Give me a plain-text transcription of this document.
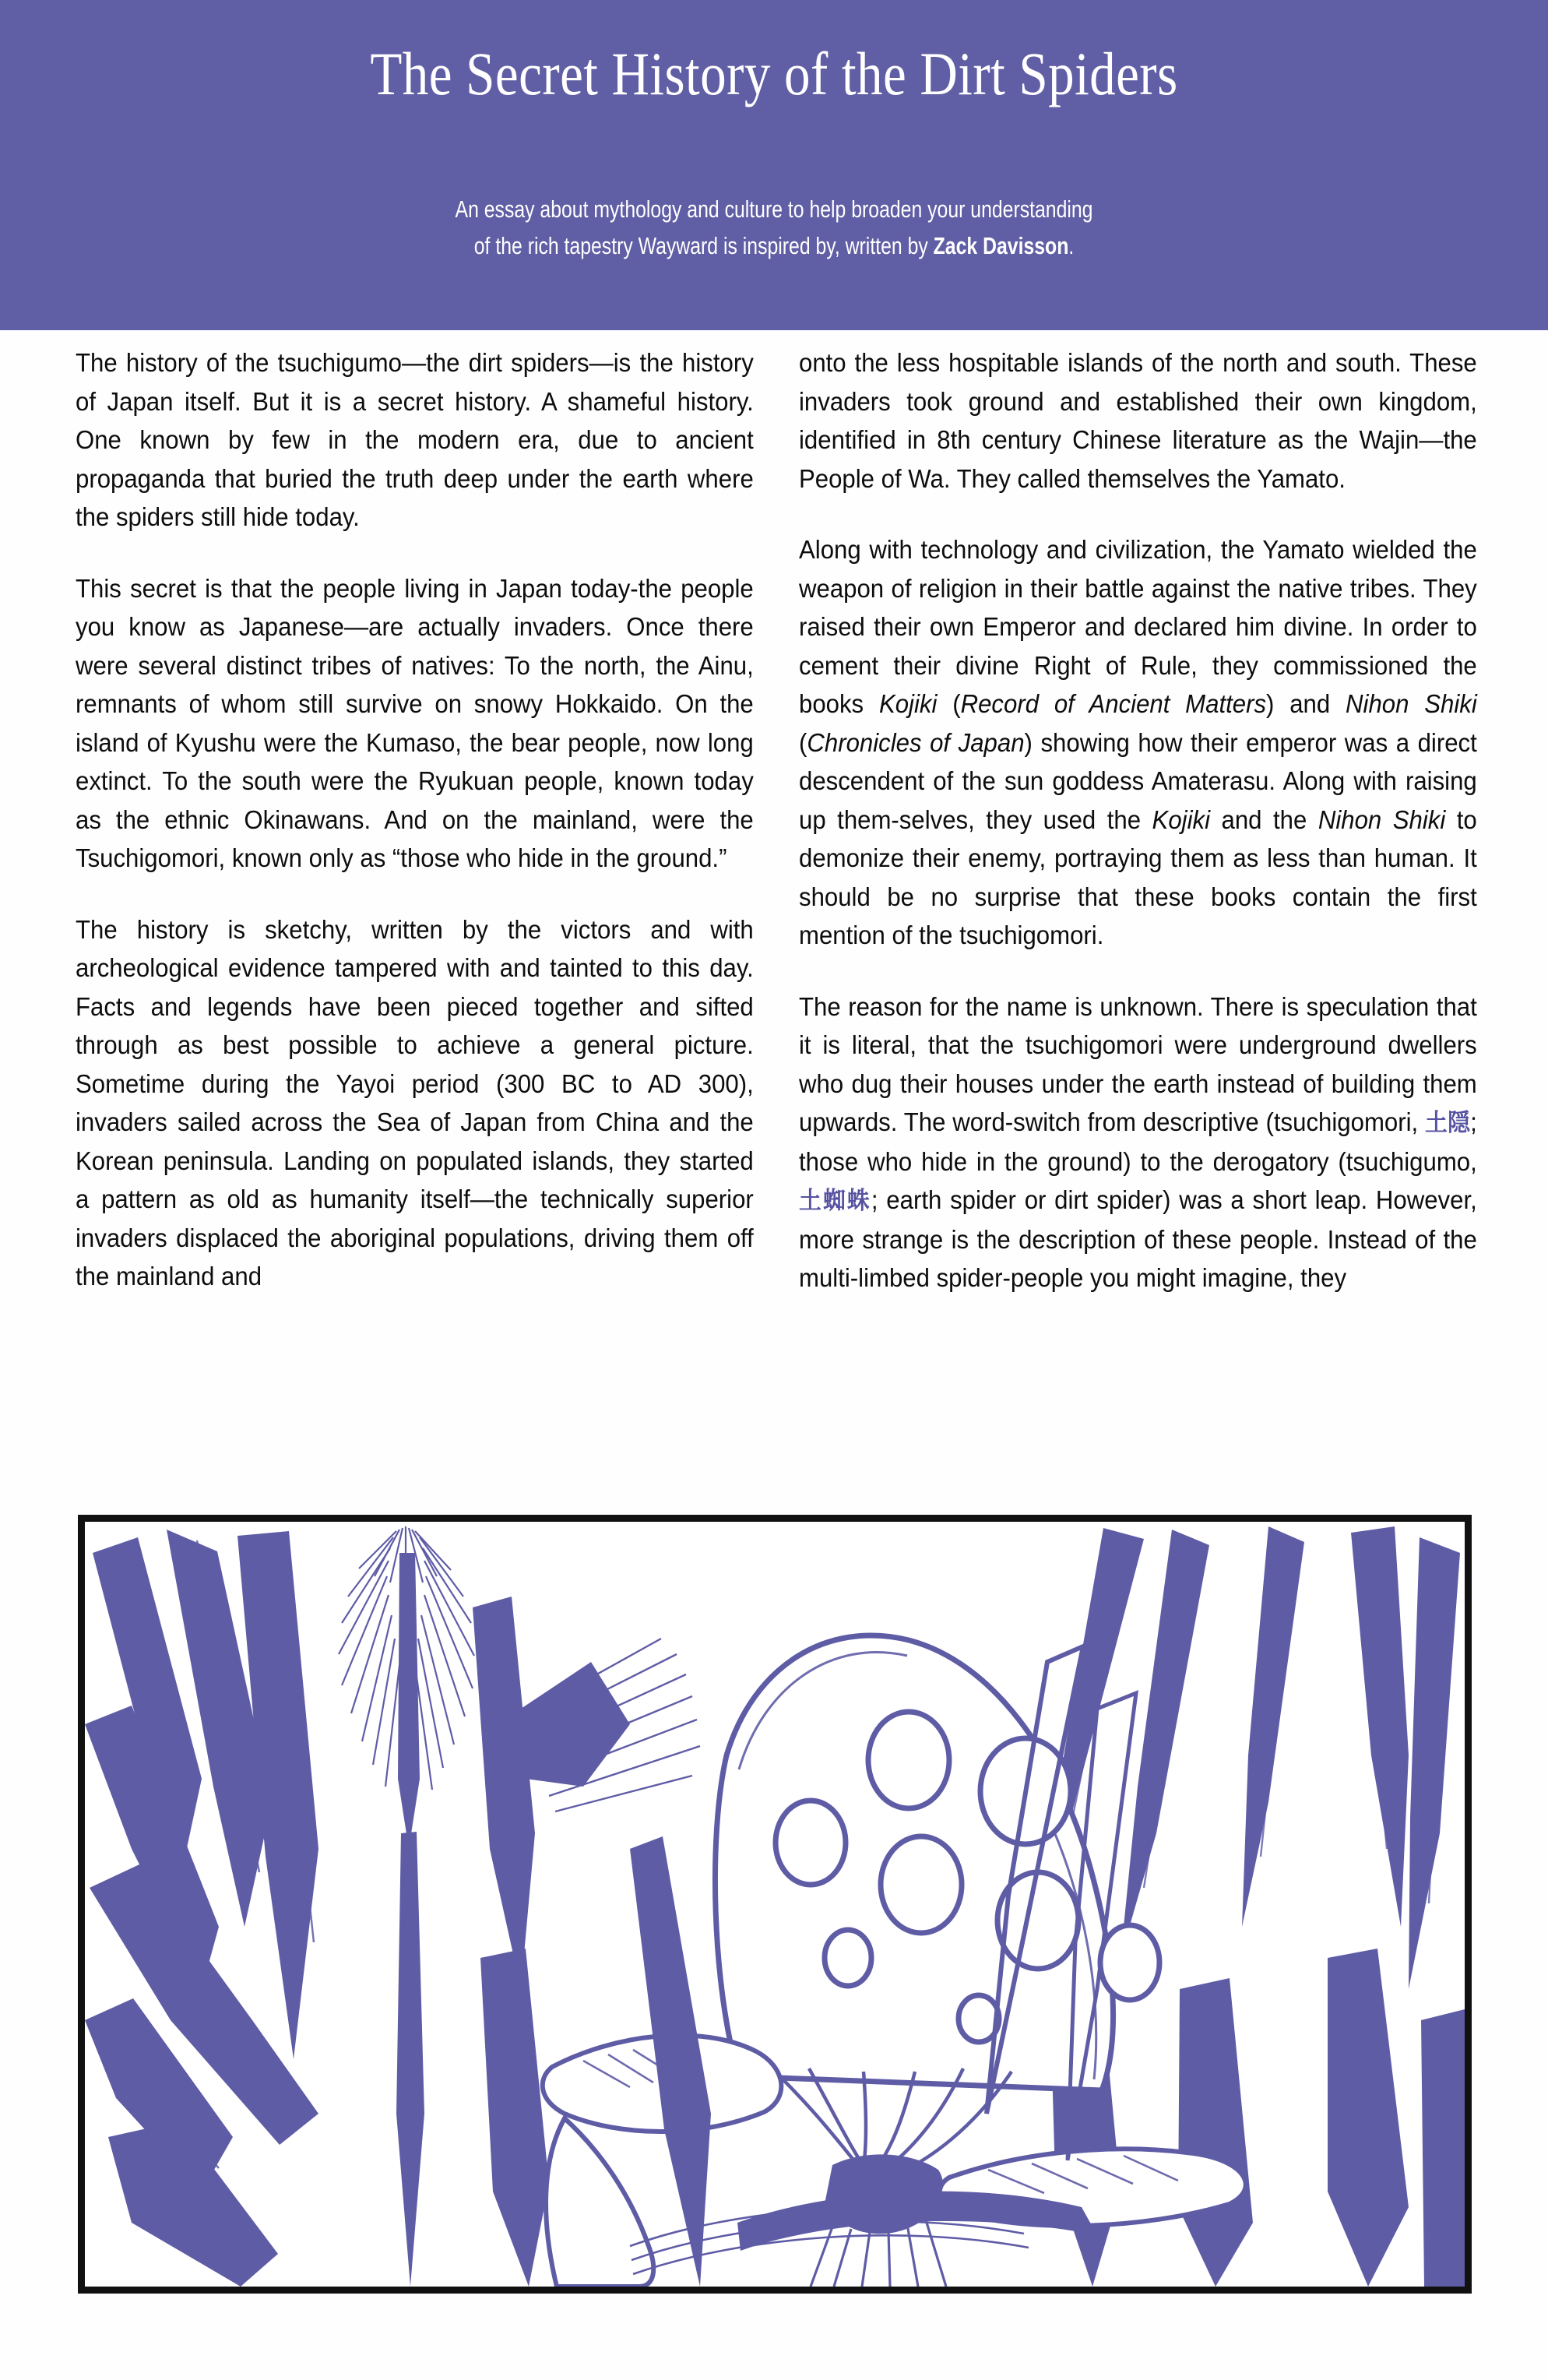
The Secret History of the Dirt Spiders
An essay about mythology and culture to help broaden your understanding
of the rich tapestry Wayward is inspired by, written by Zack Davisson.

The history of the tsuchigumo—the dirt spiders—is the history of Japan itself. But it is a secret history. A shameful history. One known by few in the modern era, due to ancient propaganda that buried the truth deep under the earth where the spiders still hide today.

This secret is that the people living in Japan today-the people you know as Japanese—are actually invaders. Once there were several distinct tribes of natives: To the north, the Ainu, remnants of whom still survive on snowy Hokkaido. On the island of Kyushu were the Kumaso, the bear people, now long extinct. To the south were the Ryukuan people, known today as the ethnic Okinawans. And on the mainland, were the Tsuchigomori, known only as “those who hide in the ground.”

The history is sketchy, written by the victors and with archeological evidence tampered with and tainted to this day. Facts and legends have been pieced together and sifted through as best possible to achieve a general picture. Sometime during the Yayoi period (300 BC to AD 300), invaders sailed across the Sea of Japan from China and the Korean peninsula. Landing on populated islands, they started a pattern as old as humanity itself—the technically superior invaders displaced the aboriginal populations, driving them off the mainland and

onto the less hospitable islands of the north and south. These invaders took ground and established their own kingdom, identified in 8th century Chinese literature as the Wajin—the People of Wa. They called themselves the Yamato.

Along with technology and civilization, the Yamato wielded the weapon of religion in their battle against the native tribes. They raised their own Emperor and declared him divine. In order to cement their divine Right of Rule, they commissioned the books Kojiki (Record of Ancient Matters) and Nihon Shiki (Chronicles of Japan) showing how their emperor was a direct descendent of the sun goddess Amaterasu. Along with raising up them-selves, they used the Kojiki and the Nihon Shiki to demonize their enemy, portraying them as less than human. It should be no surprise that these books contain the first mention of the tsuchigomori.

The reason for the name is unknown. There is speculation that it is literal, that the tsuchigomori were underground dwellers who dug their houses under the earth instead of building them upwards. The word-switch from descriptive (tsuchigomori, 土隠; those who hide in the ground) to the derogatory (tsuchigumo, 土蜘蛛; earth spider or dirt spider) was a short leap. However, more strange is the description of these people. Instead of the multi-limbed spider-people you might imagine, they
